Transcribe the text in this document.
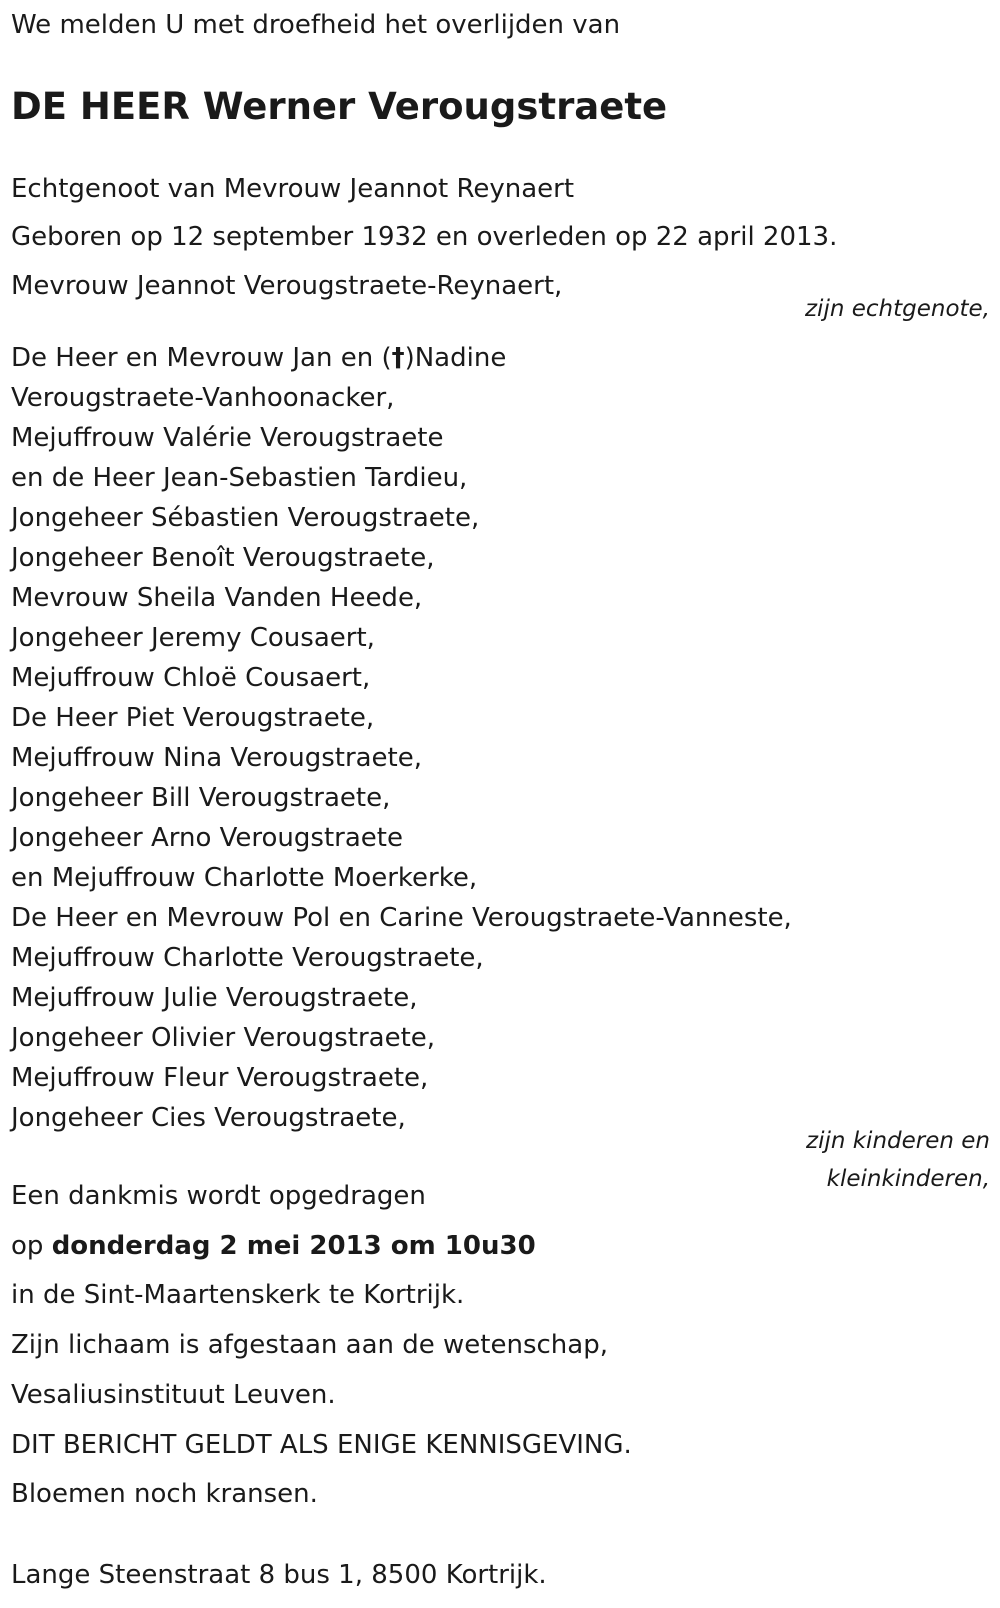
We melden U met droefheid het overlijden van
DE HEER Werner Verougstraete
Echtgenoot van Mevrouw Jeannot Reynaert
Geboren op 12 september 1932 en overleden op 22 april 2013.
Mevrouw Jeannot Verougstraete-Reynaert,
zijn echtgenote,
De Heer en Mevrouw Jan en (†)Nadine
Verougstraete-Vanhoonacker,
Mejuffrouw Valérie Verougstraete
en de Heer Jean-Sebastien Tardieu,
Jongeheer Sébastien Verougstraete,
Jongeheer Benoît Verougstraete,
Mevrouw Sheila Vanden Heede,
Jongeheer Jeremy Cousaert,
Mejuffrouw Chloë Cousaert,
De Heer Piet Verougstraete,
Mejuffrouw Nina Verougstraete,
Jongeheer Bill Verougstraete,
Jongeheer Arno Verougstraete
en Mejuffrouw Charlotte Moerkerke,
De Heer en Mevrouw Pol en Carine Verougstraete-Vanneste,
Mejuffrouw Charlotte Verougstraete,
Mejuffrouw Julie Verougstraete,
Jongeheer Olivier Verougstraete,
Mejuffrouw Fleur Verougstraete,
Jongeheer Cies Verougstraete,
zijn kinderen en
kleinkinderen,
Een dankmis wordt opgedragen
op donderdag 2 mei 2013 om 10u30
in de Sint-Maartenskerk te Kortrijk.
Zijn lichaam is afgestaan aan de wetenschap,
Vesaliusinstituut Leuven.
DIT BERICHT GELDT ALS ENIGE KENNISGEVING.
Bloemen noch kransen.
Lange Steenstraat 8 bus 1, 8500 Kortrijk.
